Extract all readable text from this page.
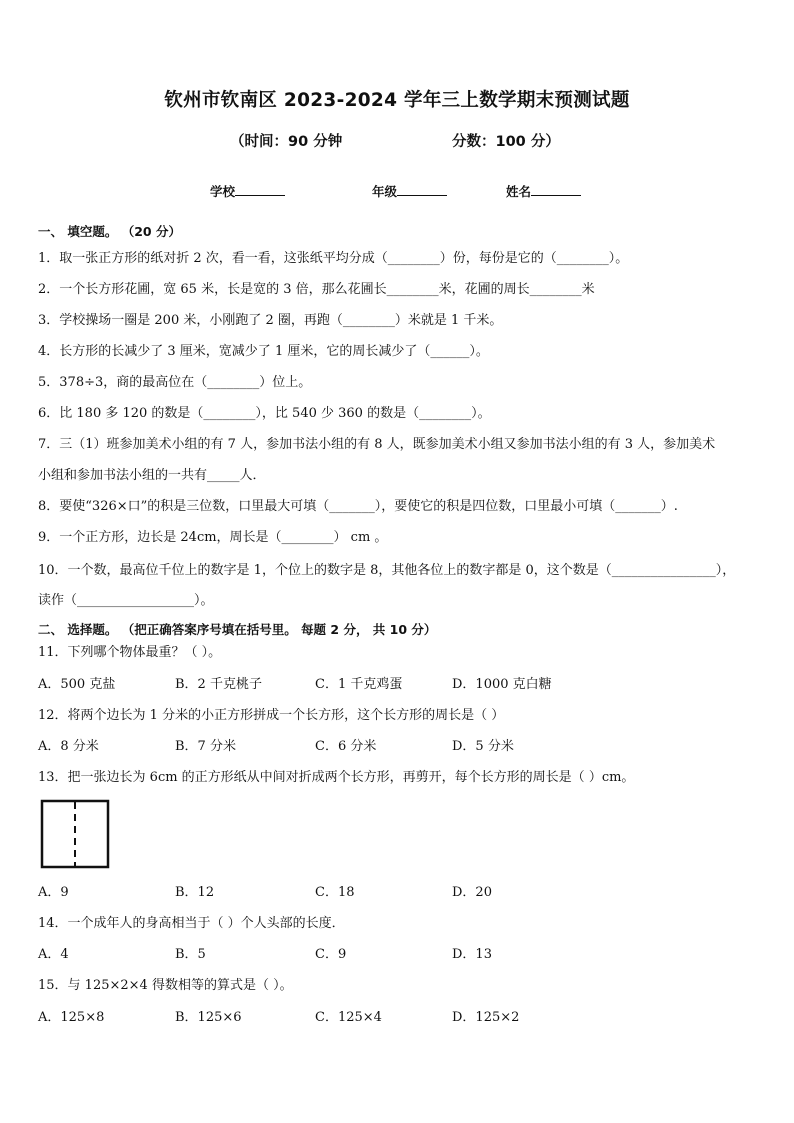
钦州市钦南区 2023-2024 学年三上数学期末预测试题
（时间：90 分钟	分数：100 分）
学校	年级	姓名
一、 填空题。 （20 分）
1．取一张正方形的纸对折 2 次，看一看，这张纸平均分成（________）份，每份是它的（________）。
2．一个长方形花圃，宽 65 米，长是宽的 3 倍，那么花圃长________米，花圃的周长________米
3．学校操场一圈是 200 米，小刚跑了 2 圈，再跑（________）米就是 1 千米。
4．长方形的长减少了 3 厘米，宽减少了 1 厘米，它的周长减少了（______）。
5．378÷3，商的最高位在（________）位上。
6．比 180 多 120 的数是（________），比 540 少 360 的数是（________）。
7．三（1）班参加美术小组的有 7 人，参加书法小组的有 8 人，既参加美术小组又参加书法小组的有 3 人，参加美术
小组和参加书法小组的一共有_____人．
8．要使“326×口”的积是三位数，口里最大可填（_______），要使它的积是四位数，口里最小可填（_______）.
9．一个正方形，边长是 24cm，周长是（________） cm 。
10．一个数，最高位千位上的数字是 1，个位上的数字是 8，其他各位上的数字都是 0，这个数是（________________），
读作（__________________）。
二、 选择题。 （把正确答案序号填在括号里。 每题 2 分， 共 10 分）
11．下列哪个物体最重？（ ）。
A．500 克盐	B．2 千克桃子	C．1 千克鸡蛋	D．1000 克白糖
12．将两个边长为 1 分米的小正方形拼成一个长方形，这个长方形的周长是（ ）
A．8 分米	B．7 分米	C．6 分米	D．5 分米
13．把一张边长为 6cm 的正方形纸从中间对折成两个长方形，再剪开，每个长方形的周长是（ ）cm。
A．9	B．12	C．18	D．20
14．一个成年人的身高相当于（ ）个人头部的长度．
A．4	B．5	C．9	D．13
15．与 125×2×4 得数相等的算式是（ ）。
A．125×8	B．125×6	C．125×4	D．125×2
